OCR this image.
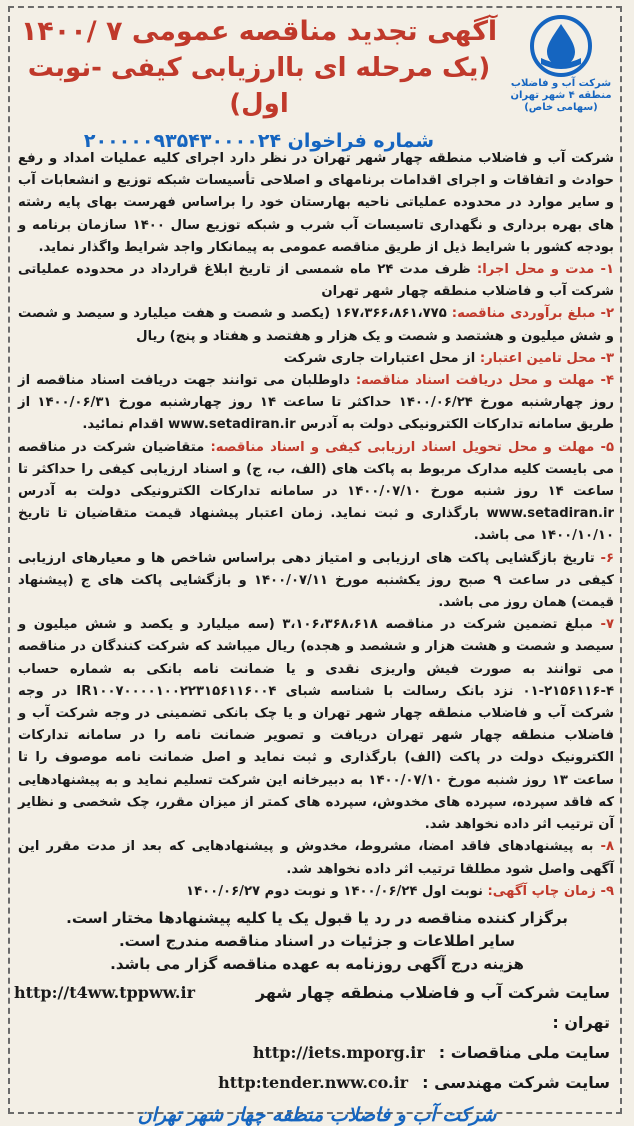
شرکت آب و فاضلاب
منطقه ۴ شهر تهران
(سهامی خاص)
آگهی تجدید مناقصه عمومی ۷ /۱۴۰۰
(یک مرحله ای باارزیابی کیفی -نوبت اول)
شماره فراخوان ۲۰۰۰۰۰۹۳۵۴۳۰۰۰۰۲۴

شرکت آب و فاضلاب منطقه چهار شهر تهران در نظر دارد اجرای کلیه عملیات امداد و رفع حوادث و اتفاقات و اجرای اقدامات برنامهای و اصلاحی تأسیسات شبکه توزیع و انشعابات آب و سایر موارد در محدوده عملیاتی ناحیه بهارستان خود را براساس فهرست بهای پایه رشته های بهره برداری و نگهداری تاسیسات آب شرب و شبکه توزیع سال ۱۴۰۰ سازمان برنامه و بودجه کشور با شرایط ذیل از طریق مناقصه عمومی به پیمانکار واجد شرایط واگذار نماید.

۱- مدت و محل اجرا: ظرف مدت ۲۴ ماه شمسی از تاریخ ابلاغ قرارداد در محدوده عملیاتی شرکت آب و فاضلاب منطقه چهار شهر تهران

۲- مبلغ برآوردی مناقصه: ۱۶۷،۳۶۶،۸۶۱،۷۷۵ (یکصد و شصت و هفت میلیارد و سیصد و شصت و شش میلیون و هشتصد و شصت و یک هزار و هفتصد و هفتاد و پنج) ریال

۳- محل تامین اعتبار: از محل اعتبارات جاری شرکت

۴- مهلت و محل دریافت اسناد مناقصه: داوطلبان می توانند جهت دریافت اسناد مناقصه از روز چهارشنبه مورخ ۱۴۰۰/۰۶/۲۴ حداکثر تا ساعت ۱۴ روز چهارشنبه مورخ ۱۴۰۰/۰۶/۳۱ از طریق سامانه تدارکات الکترونیکی دولت به آدرس www.setadiran.ir اقدام نمائید.

۵- مهلت و محل تحویل اسناد ارزیابی کیفی و اسناد مناقصه: متقاضیان شرکت در مناقصه می بایست کلیه مدارک مربوط به پاکت های (الف، ب، ج) و اسناد ارزیابی کیفی را حداکثر تا ساعت ۱۴ روز شنبه مورخ ۱۴۰۰/۰۷/۱۰ در سامانه تدارکات الکترونیکی دولت به آدرس www.setadiran.ir بارگذاری و ثبت نماید. زمان اعتبار پیشنهاد قیمت متقاضیان تا تاریخ ۱۴۰۰/۱۰/۱۰ می باشد.

۶- تاریخ بازگشایی پاکت های ارزیابی و امتیاز دهی براساس شاخص ها و معیارهای ارزیابی کیفی در ساعت ۹ صبح روز یکشنبه مورخ ۱۴۰۰/۰۷/۱۱ و بازگشایی پاکت های ج (پیشنهاد قیمت) همان روز می باشد.

۷- مبلغ تضمین شرکت در مناقصه ۳،۱۰۶،۳۶۸،۶۱۸ (سه میلیارد و یکصد و شش میلیون و سیصد و شصت و هشت هزار و ششصد و هجده) ریال میباشد که شرکت کنندگان در مناقصه می توانند به صورت فیش واریزی نقدی و یا ضمانت نامه بانکی به شماره حساب ۴-۲۱۵۶۱۱۶-۰۱ نزد بانک رسالت با شناسه شبای IR۱۰۰۷۰۰۰۰۱۰۰۲۲۳۱۵۶۱۱۶۰۰۴ در وجه شرکت آب و فاضلاب منطقه چهار شهر تهران و یا چک بانکی تضمینی در وجه شرکت آب و فاضلاب منطقه چهار شهر تهران دریافت و تصویر ضمانت نامه را در سامانه تدارکات الکترونیک دولت در پاکت (الف) بارگذاری و ثبت نماید و اصل ضمانت نامه موصوف را تا ساعت ۱۳ روز شنبه مورخ ۱۴۰۰/۰۷/۱۰ به دبیرخانه این شرکت تسلیم نماید و به پیشنهادهایی که فاقد سپرده، سپرده های مخدوش، سپرده های کمتر از میزان مقرر، چک شخصی و نظایر آن ترتیب اثر داده نخواهد شد.

۸- به پیشنهادهای فاقد امضا، مشروط، مخدوش و پیشنهادهایی که بعد از مدت مقرر این آگهی واصل شود مطلقا ترتیب اثر داده نخواهد شد.

۹- زمان چاپ آگهی: نوبت اول ۱۴۰۰/۰۶/۲۴ و نوبت دوم ۱۴۰۰/۰۶/۲۷

برگزار کننده مناقصه در رد یا قبول یک یا کلیه پیشنهادها مختار است.
سایر اطلاعات و جزئیات در اسناد مناقصه مندرج است.
هزینه درج آگهی روزنامه به عهده مناقصه گزار می باشد.
سایت شرکت آب و فاضلاب منطقه چهار شهر تهران :
http://t4ww.tppww.ir
سایت ملی مناقصات :
http://iets.mporg.ir
سایت شرکت مهندسی :
http:tender.nww.co.ir
شرکت آب و فاضلاب منطقه چهار شهر تهران
